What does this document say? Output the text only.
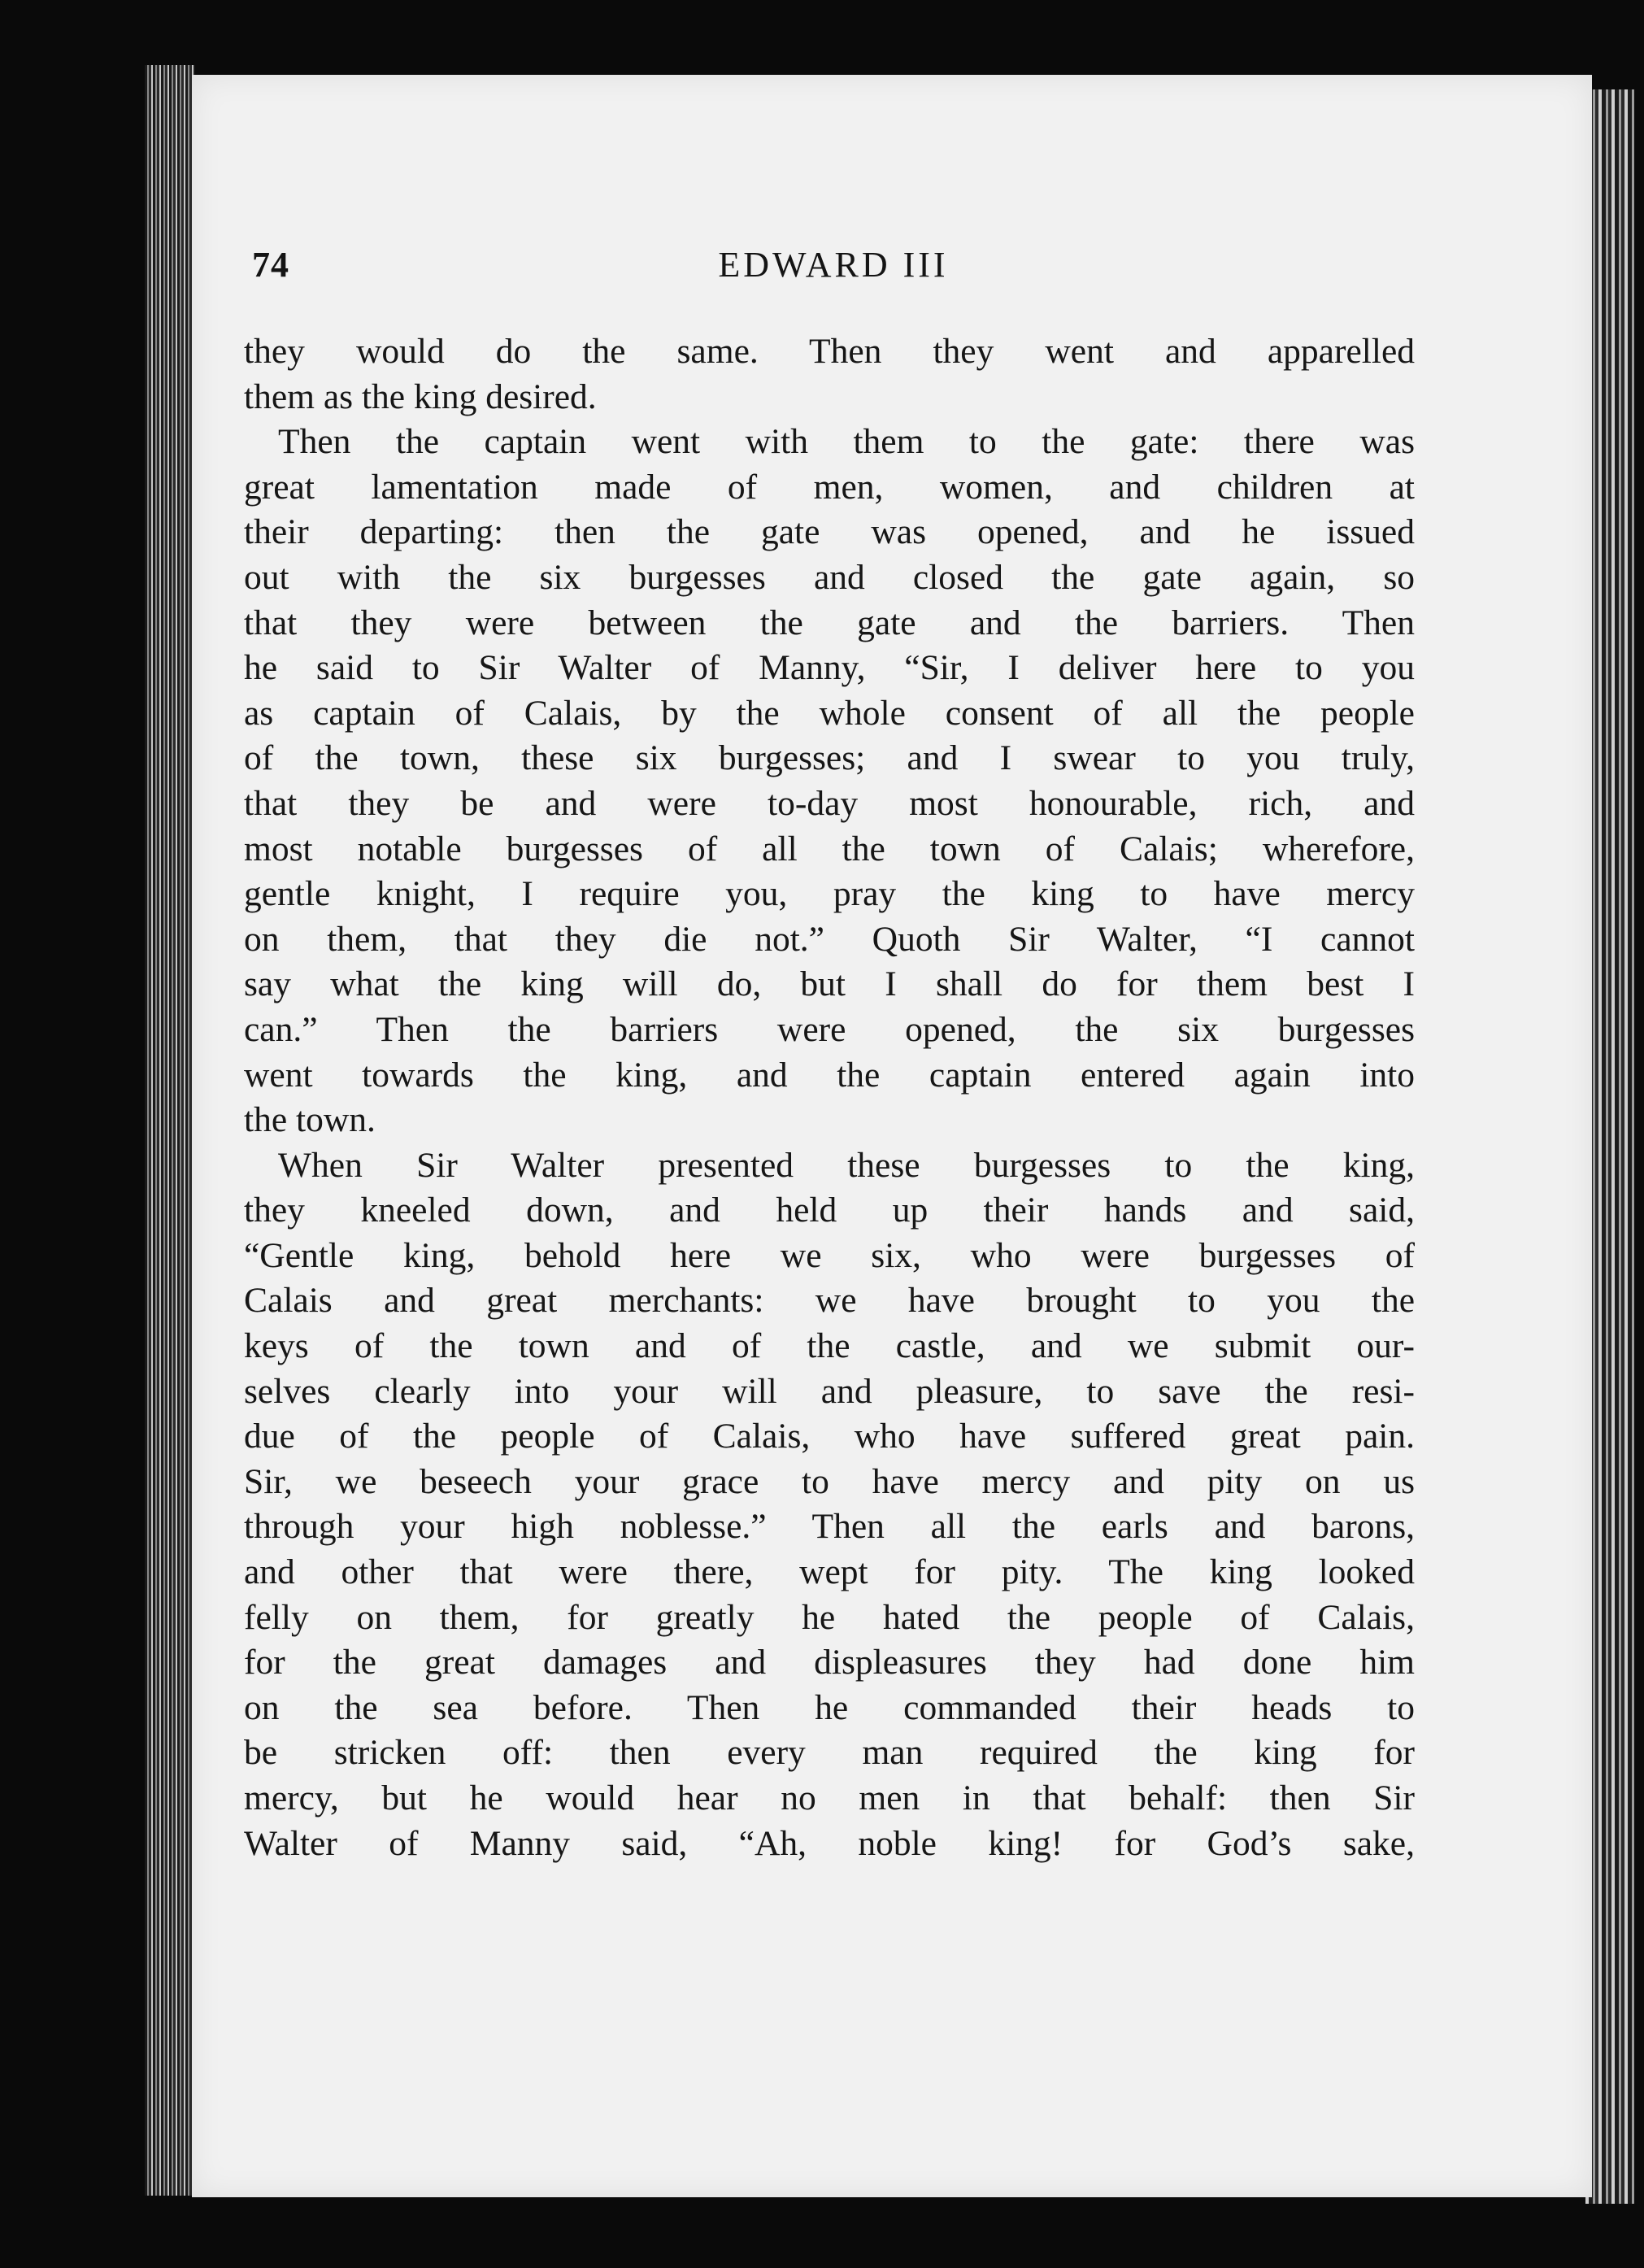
74	EDWARD III
they would do the same. Then they went and apparelled
them as the king desired.
Then the captain went with them to the gate: there was
great lamentation made of men, women, and children at
their departing: then the gate was opened, and he issued
out with the six burgesses and closed the gate again, so
that they were between the gate and the barriers. Then
he said to Sir Walter of Manny, “Sir, I deliver here to you
as captain of Calais, by the whole consent of all the people
of the town, these six burgesses; and I swear to you truly,
that they be and were to-day most honourable, rich, and
most notable burgesses of all the town of Calais; wherefore,
gentle knight, I require you, pray the king to have mercy
on them, that they die not.” Quoth Sir Walter, “I cannot
say what the king will do, but I shall do for them best I
can.” Then the barriers were opened, the six burgesses
went towards the king, and the captain entered again into
the town.
When Sir Walter presented these burgesses to the king,
they kneeled down, and held up their hands and said,
“Gentle king, behold here we six, who were burgesses of
Calais and great merchants: we have brought to you the
keys of the town and of the castle, and we submit our-
selves clearly into your will and pleasure, to save the resi-
due of the people of Calais, who have suffered great pain.
Sir, we beseech your grace to have mercy and pity on us
through your high noblesse.” Then all the earls and barons,
and other that were there, wept for pity. The king looked
felly on them, for greatly he hated the people of Calais,
for the great damages and displeasures they had done him
on the sea before. Then he commanded their heads to
be stricken off: then every man required the king for
mercy, but he would hear no men in that behalf: then Sir
Walter of Manny said, “Ah, noble king! for God’s sake,
